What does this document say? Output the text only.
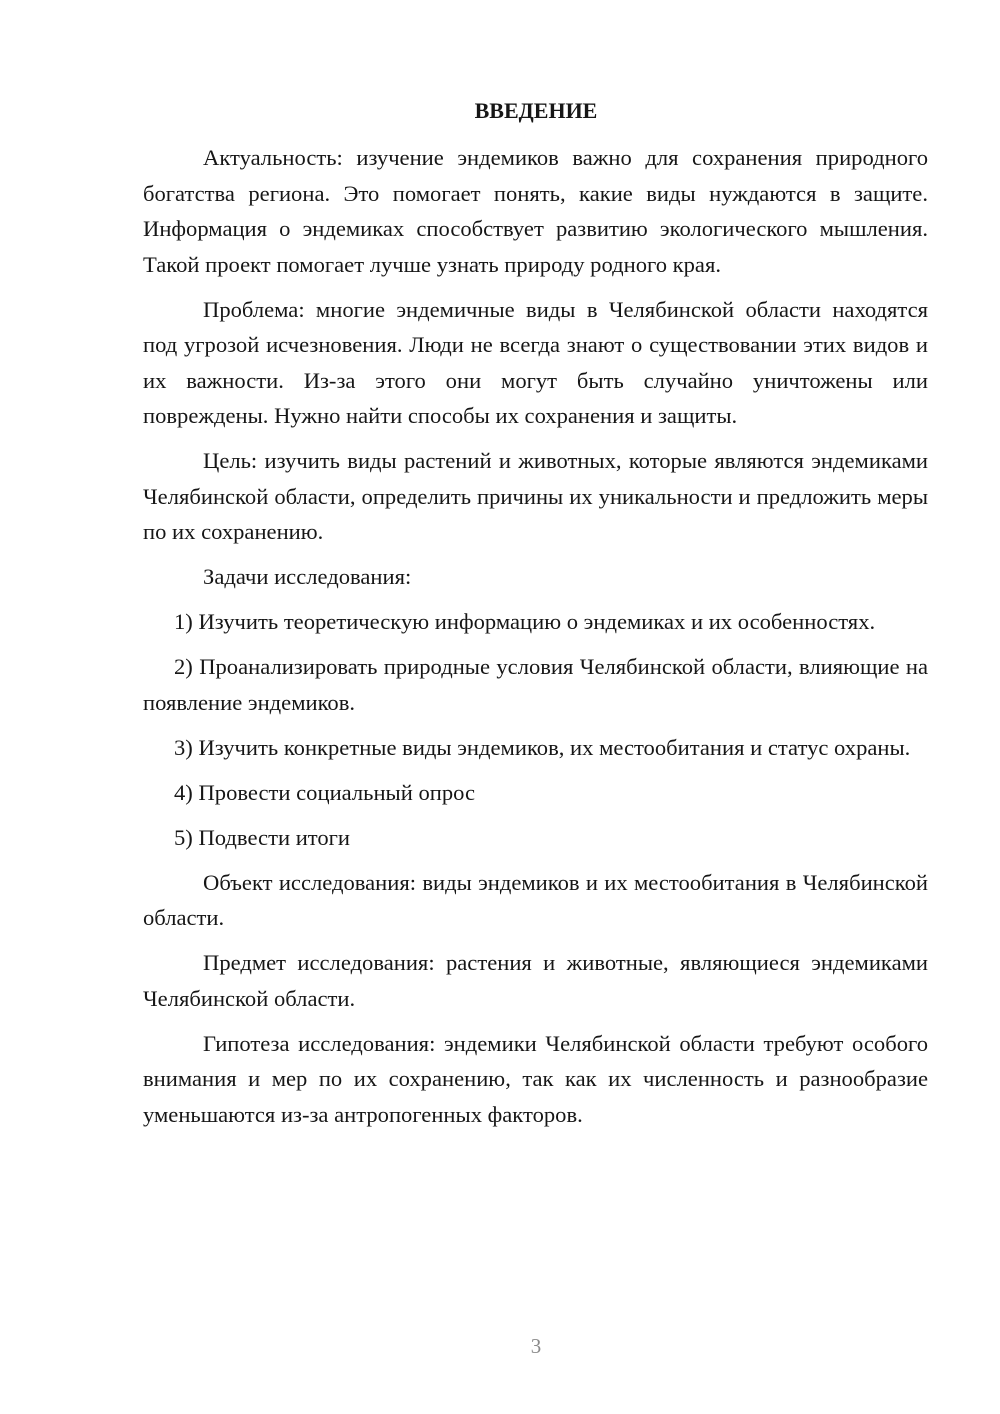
ВВЕДЕНИЕ

Актуальность: изучение эндемиков важно для сохранения природного богатства региона. Это помогает понять, какие виды нуждаются в защите. Информация о эндемиках способствует развитию экологического мышления. Такой проект помогает лучше узнать природу родного края.

Проблема: многие эндемичные виды в Челябинской области находятся под угрозой исчезновения. Люди не всегда знают о существовании этих видов и их важности. Из-за этого они могут быть случайно уничтожены или повреждены. Нужно найти способы их сохранения и защиты.

Цель: изучить виды растений и животных, которые являются эндемиками Челябинской области, определить причины их уникальности и предложить меры по их сохранению.

Задачи исследования:

1) Изучить теоретическую информацию о эндемиках и их особенностях.

2) Проанализировать природные условия Челябинской области, влияющие на появление эндемиков.

3) Изучить конкретные виды эндемиков, их местообитания и статус охраны.

4) Провести социальный опрос

5) Подвести итоги

Объект исследования: виды эндемиков и их местообитания в Челябинской области.

Предмет исследования: растения и животные, являющиеся эндемиками Челябинской области.

Гипотеза исследования: эндемики Челябинской области требуют особого внимания и мер по их сохранению, так как их численность и разнообразие уменьшаются из-за антропогенных факторов.

3
